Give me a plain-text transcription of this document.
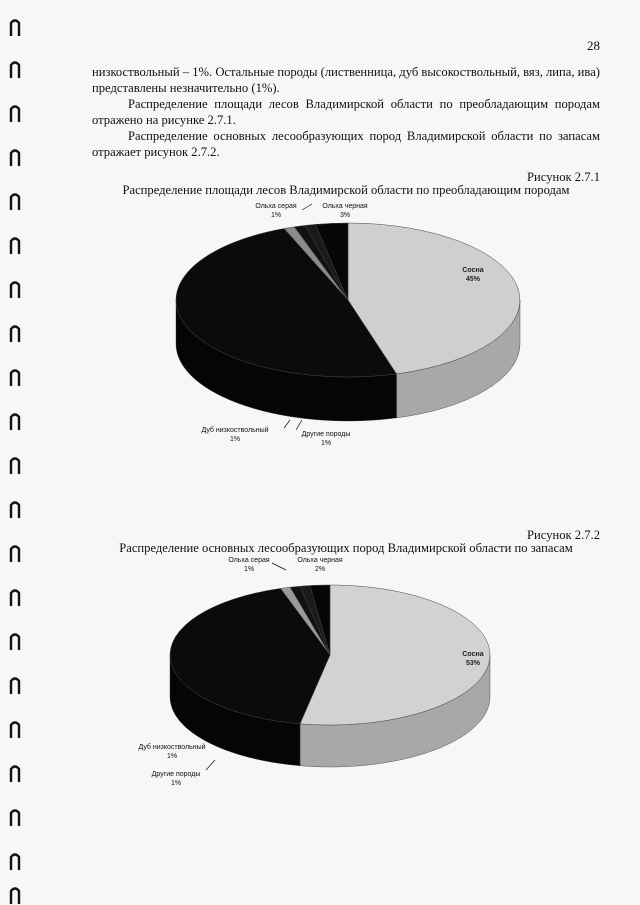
28

низкоствольный – 1%. Остальные породы (лиственница, дуб высокоствольный, вяз, липа, ива) представлены незначительно (1%).

Распределение площади лесов Владимирской области по преобладающим породам отражено на рисунке 2.7.1.

Распределение основных лесообразующих пород Владимирской области по запасам отражает рисунок 2.7.2.

Рисунок 2.7.1
Распределение площади лесов Владимирской области по преобладающим породам
Рисунок 2.7.2
Распределение основных лесообразующих пород Владимирской области по запасам
Сосна
45%
Дуб низкоствольный
1%
Другие породы
1%
Ольха серая
1%
Ольха черная
3%
Сосна
53%
Дуб низкоствольный
1%
Другие породы
1%
Ольха серая
1%
Ольха черная
2%
